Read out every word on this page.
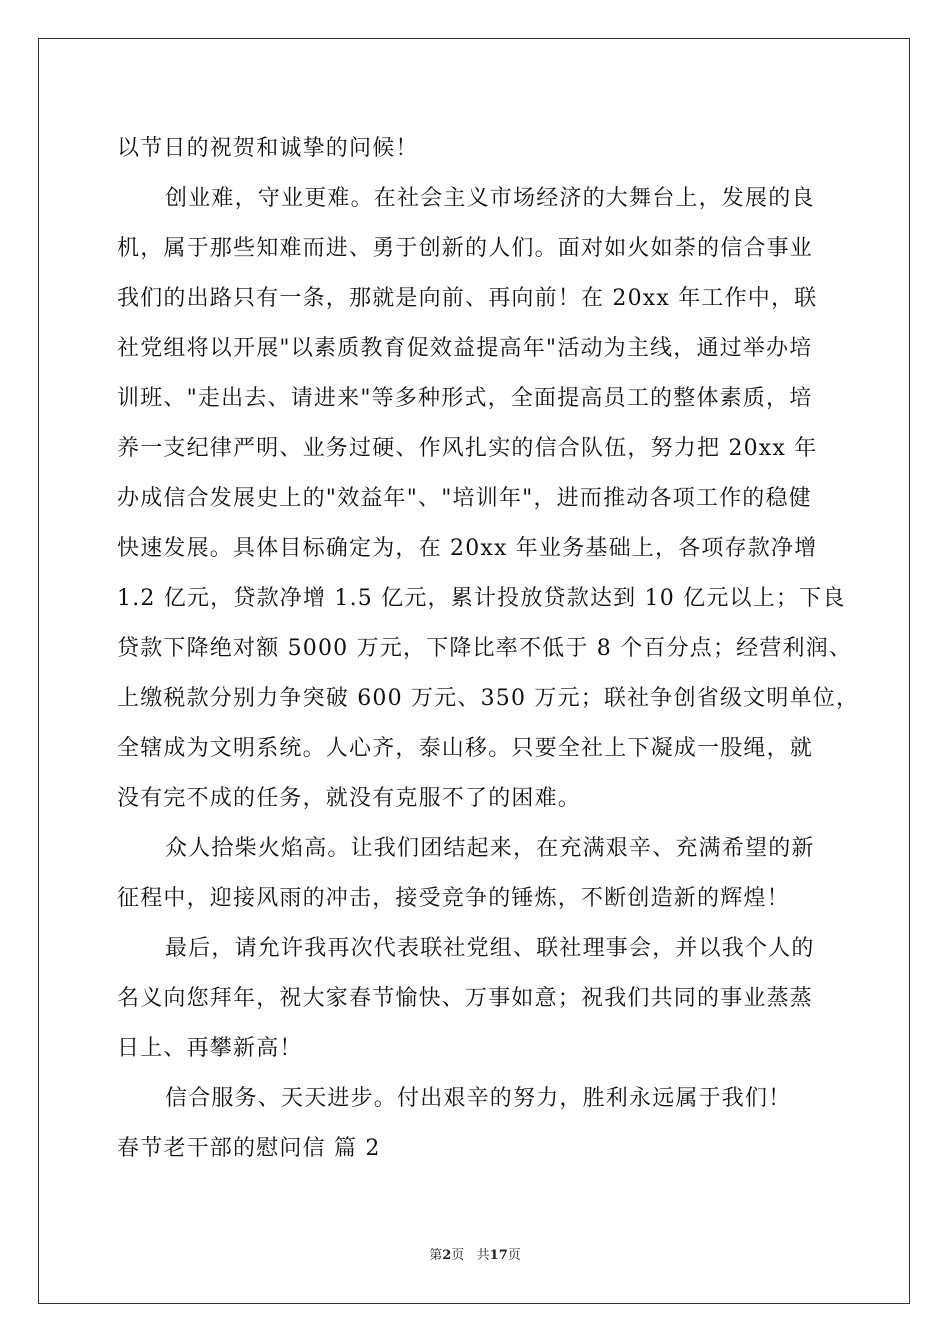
以节日的祝贺和诚挚的问候！
创业难，守业更难。在社会主义市场经济的大舞台上，发展的良
机，属于那些知难而进、勇于创新的人们。面对如火如荼的信合事业
我们的出路只有一条，那就是向前、再向前！在 20xx 年工作中，联
社党组将以开展"以素质教育促效益提高年"活动为主线，通过举办培
训班、"走出去、请进来"等多种形式，全面提高员工的整体素质，培
养一支纪律严明、业务过硬、作风扎实的信合队伍，努力把 20xx 年
办成信合发展史上的"效益年"、"培训年"，进而推动各项工作的稳健
快速发展。具体目标确定为，在 20xx 年业务基础上，各项存款净增
1.2 亿元，贷款净增 1.5 亿元，累计投放贷款达到 10 亿元以上；下良
贷款下降绝对额 5000 万元，下降比率不低于 8 个百分点；经营利润、
上缴税款分别力争突破 600 万元、350 万元；联社争创省级文明单位，
全辖成为文明系统。人心齐，泰山移。只要全社上下凝成一股绳，就
没有完不成的任务，就没有克服不了的困难。
众人拾柴火焰高。让我们团结起来，在充满艰辛、充满希望的新
征程中，迎接风雨的冲击，接受竞争的锤炼，不断创造新的辉煌！
最后，请允许我再次代表联社党组、联社理事会，并以我个人的
名义向您拜年，祝大家春节愉快、万事如意；祝我们共同的事业蒸蒸
日上、再攀新高！
信合服务、天天进步。付出艰辛的努力，胜利永远属于我们！
春节老干部的慰问信 篇 2
第2页   共17页
